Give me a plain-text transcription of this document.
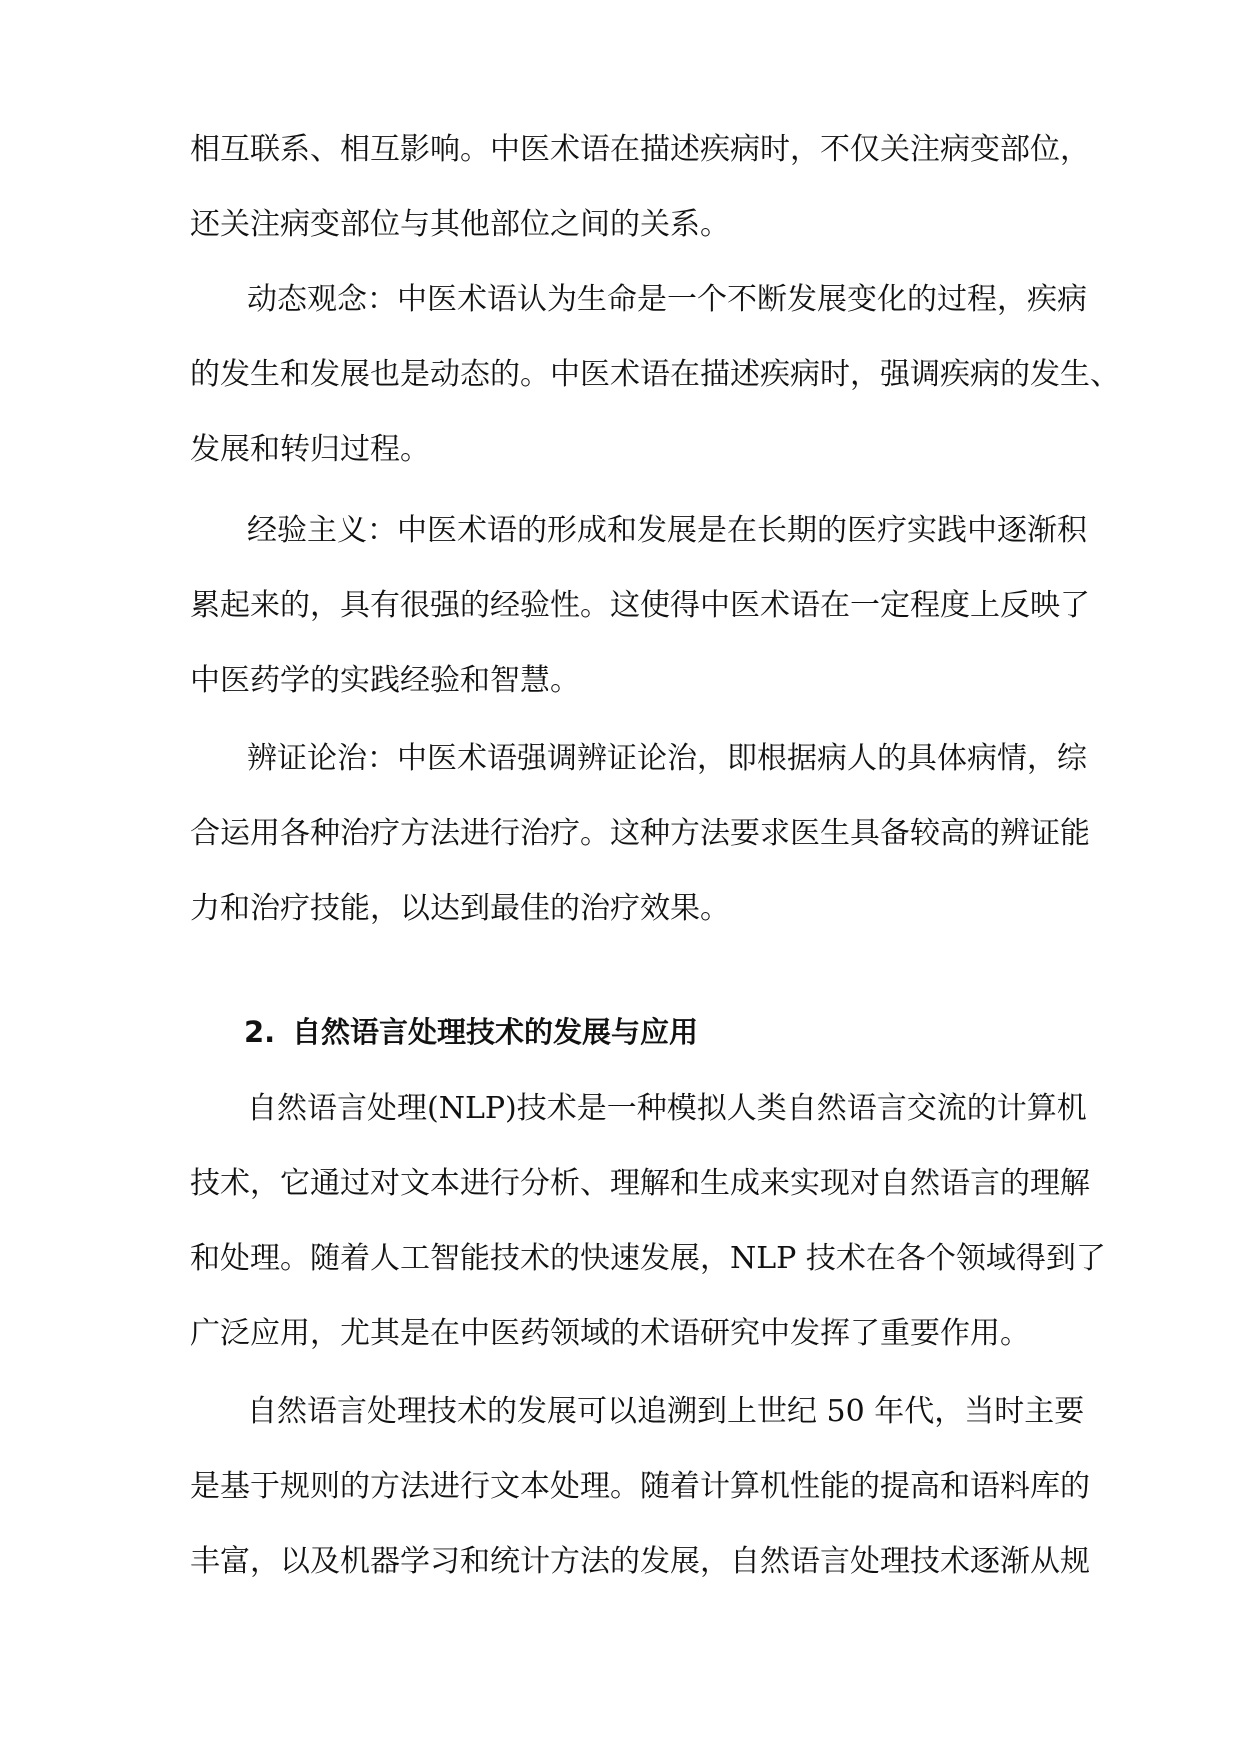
相互联系、相互影响。中医术语在描述疾病时，不仅关注病变部位，

还关注病变部位与其他部位之间的关系。

动态观念：中医术语认为生命是一个不断发展变化的过程，疾病

的发生和发展也是动态的。中医术语在描述疾病时，强调疾病的发生、

发展和转归过程。

经验主义：中医术语的形成和发展是在长期的医疗实践中逐渐积

累起来的，具有很强的经验性。这使得中医术语在一定程度上反映了

中医药学的实践经验和智慧。

辨证论治：中医术语强调辨证论治，即根据病人的具体病情，综

合运用各种治疗方法进行治疗。这种方法要求医生具备较高的辨证能

力和治疗技能，以达到最佳的治疗效果。

2. 自然语言处理技术的发展与应用

自然语言处理(NLP)技术是一种模拟人类自然语言交流的计算机

技术，它通过对文本进行分析、理解和生成来实现对自然语言的理解

和处理。随着人工智能技术的快速发展，NLP 技术在各个领域得到了

广泛应用，尤其是在中医药领域的术语研究中发挥了重要作用。

自然语言处理技术的发展可以追溯到上世纪 50 年代，当时主要

是基于规则的方法进行文本处理。随着计算机性能的提高和语料库的

丰富，以及机器学习和统计方法的发展，自然语言处理技术逐渐从规
